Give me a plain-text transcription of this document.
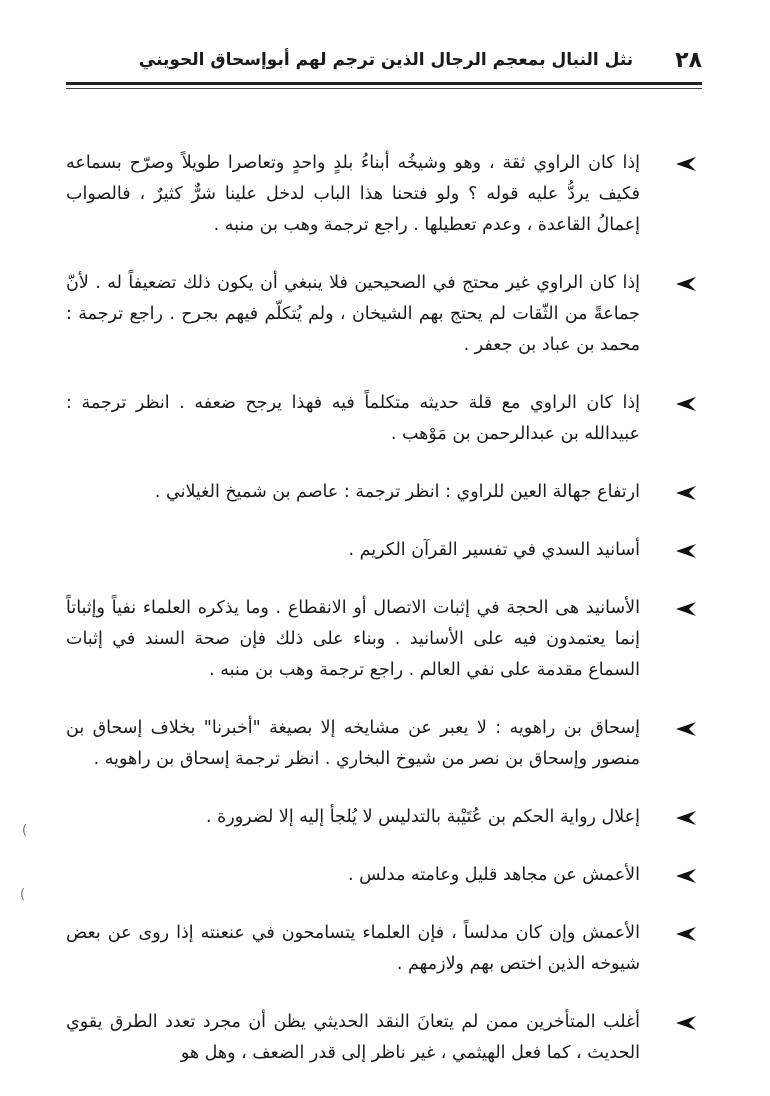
٢٨
نثل النبال بمعجم الرجال الذين ترجم لهم أبوإسحاق الحويني
إذا كان الراوي ثقة ، وهو وشيخُه أبناءُ بلدٍ واحدٍ وتعاصرا طويلاً وصرّح بسماعه فكيف يردُّ عليه قوله ؟ ولو فتحنا هذا الباب لدخل علينا شرٌّ كثيرٌ ، فالصواب إعمالُ القاعدة ، وعدم تعطيلها . راجع ترجمة وهب بن منبه .
إذا كان الراوي غير محتج في الصحيحين فلا ينبغي أن يكون ذلك تضعيفاً له . لأنّ جماعةً من الثّقات لم يحتج بهم الشيخان ، ولم يُتكلّم فيهم بجرح . راجع ترجمة : محمد بن عباد بن جعفر .
إذا كان الراوي مع قلة حديثه متكلماً فيه فهذا يرجح ضعفه . انظر ترجمة : عبيدالله بن عبدالرحمن بن مَوْهب .
ارتفاع جهالة العين للراوي : انظر ترجمة : عاصم بن شميخ الغيلاني .
أسانيد السدي في تفسير القرآن الكريم .
الأسانيد هى الحجة في إثبات الاتصال أو الانقطاع . وما يذكره العلماء نفياً وإثباتاً إنما يعتمدون فيه على الأسانيد . وبناء على ذلك فإن صحة السند في إثبات السماع مقدمة على نفي العالم . راجع ترجمة وهب بن منبه .
إسحاق بن راهويه : لا يعبر عن مشايخه إلا بصيغة "أخبرنا" بخلاف إسحاق بن منصور وإسحاق بن نصر من شيوخ البخاري . انظر ترجمة إسحاق بن راهويه .
إعلال رواية الحكم بن عُتَيْبة بالتدليس لا يُلجأ إليه إلا لضرورة .
الأعمش عن مجاهد قليل وعامته مدلس .
الأعمش وإن كان مدلساً ، فإن العلماء يتسامحون في عنعنته إذا روى عن بعض شيوخه الذين اختص بهم ولازمهم .
أغلب المتأخرين ممن لم يتعانَ النقد الحديثي يظن أن مجرد تعدد الطرق يقوي الحديث ، كما فعل الهيثمي ، غير ناظر إلى قدر الضعف ، وهل هو
(
(
